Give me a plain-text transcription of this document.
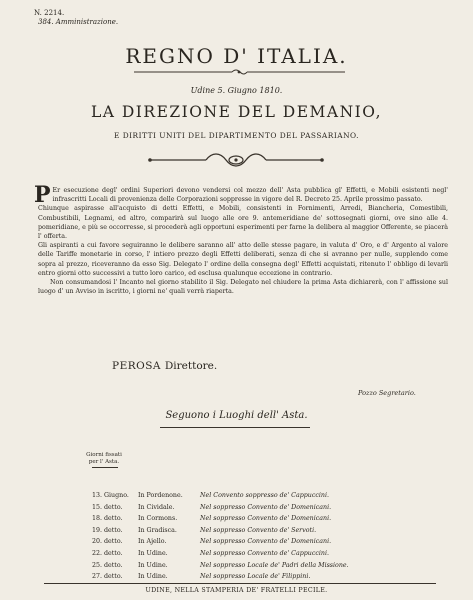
N. 2214.
384. Amministrazione.
REGNO D' ITALIA.
Udine 5. Giugno 1810.
LA DIREZIONE DEL DEMANIO,
E DIRITTI UNITI DEL DIPARTIMENTO DEL PASSARIANO.

P Er esecuzione degl' ordini Superiori devono vendersi col mezzo dell' Asta pubblica gl' Effetti, e Mobili esistenti negl' infrascritti Locali di provenienza delle Corporazioni soppresse in vigore del R. Decreto 25. Aprile prossimo passato.

Chiunque aspirasse all'acquisto di detti Effetti, e Mobili, consistenti in Fornimenti, Arredi, Biancheria, Comestibili, Combustibili, Legnami, ed altro, comparirà sul luogo alle ore 9. antemeridiane de' sottosegnati giorni, ove sino alle 4. pomeridiane, e più se occorresse, si procederà agli opportuni esperimenti per farne la delibera al maggior Offerente, se piacerà l' offerta.

Gli aspiranti a cui favore seguiranno le delibere saranno all' atto delle stesse pagare, in valuta d' Oro, e d' Argento al valore delle Tariffe monetarie in corso, l' intiero prezzo degli Effetti deliberati, senza di che si avranno per nulle, supplendo come sopra al prezzo, riceveranno da esso Sig. Delegato l' ordine della consegna degl' Effetti acquistati, ritenuto l' obbligo di levarli entro giorni otto successivi a tutto loro carico, ed esclusa qualunque eccezione in contrario.

Non consumandosi l' Incanto nel giorno stabilito il Sig. Delegato nel chiudere la prima Asta dichiarerà, con l' affissione sul luogo d' un Avviso in iscritto, i giorni ne' quali verrà riaperta.

PEROSA Direttore.
Pozzo Segretario.
Seguono i Luoghi dell' Asta.
Giorni fissati
per l' Asta.
13. Giugno. In Pordenone.	Nel Convento soppresso de' Cappuccini.
15. detto. In Cividale.	Nel soppresso Convento de' Domenicani.
18. detto. In Cormons.	Nel soppresso Convento de' Domenicani.
19. detto. In Gradisca.	Nel soppresso Convento de' Servoti.
20. detto. In Ajello.	Nel soppresso Convento de' Domenicani.
22. detto. In Udine.	Nel soppresso Convento de' Cappuccini.
25. detto. In Udine.	Nel soppresso Locale de' Padri della Missione.
27. detto. In Udine.	Nel soppresso Locale de' Filippini.
UDINE, NELLA STAMPERIA DE' FRATELLI PECILE.
